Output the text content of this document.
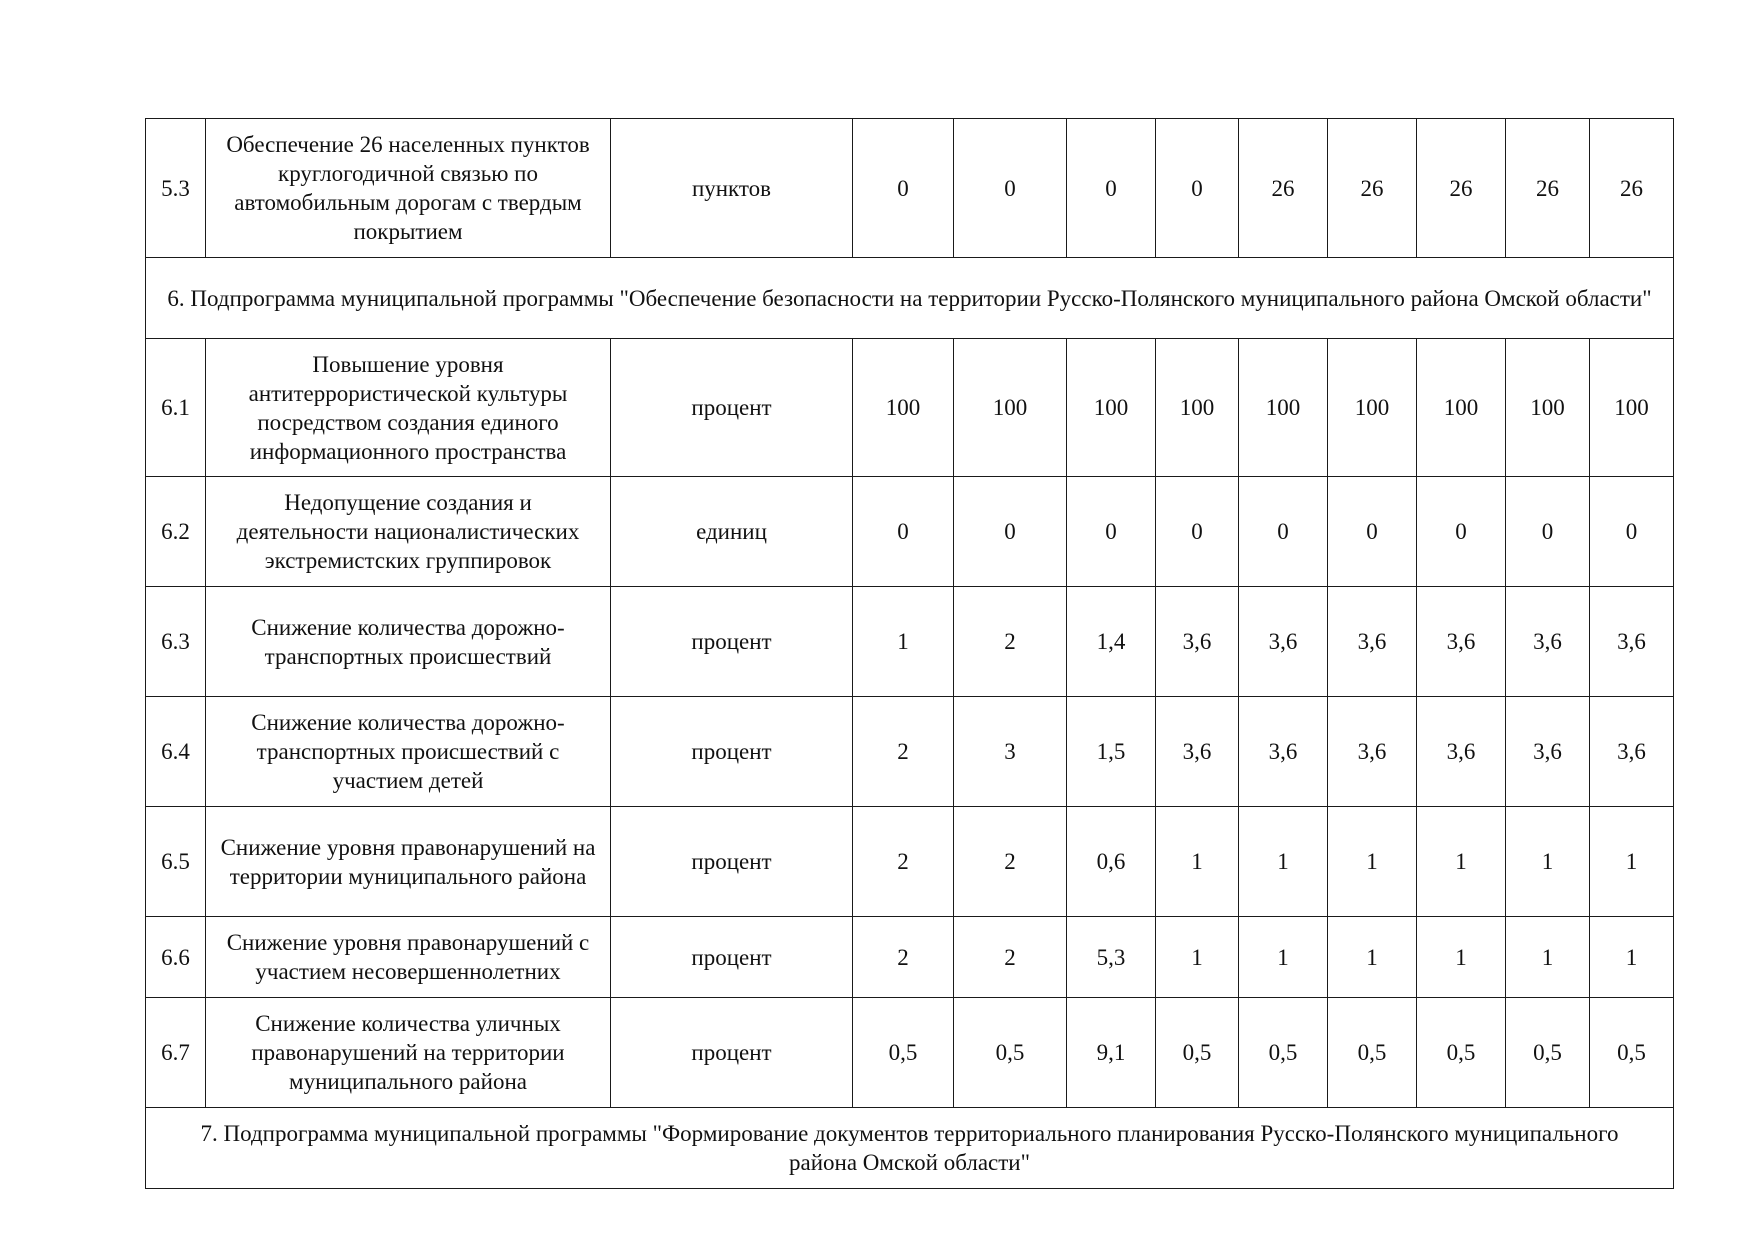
5.3	Обеспечение 26 населенных пунктов круглогодичной связью по автомобильным дорогам с твердым покрытием	пунктов	0	0	0	0	26	26	26	26	26
6. Подпрограмма муниципальной программы "Обеспечение безопасности на территории Русско-Полянского муниципального района Омской области"											
6.1	Повышение уровня антитеррористической культуры посредством создания единого информационного пространства	процент	100	100	100	100	100	100	100	100	100
6.2	Недопущение создания и деятельности националистических экстремистских группировок	единиц	0	0	0	0	0	0	0	0	0
6.3	Снижение количества дорожно-транспортных происшествий	процент	1	2	1,4	3,6	3,6	3,6	3,6	3,6	3,6
6.4	Снижение количества дорожно-транспортных происшествий с участием детей	процент	2	3	1,5	3,6	3,6	3,6	3,6	3,6	3,6
6.5	Снижение уровня правонарушений на территории муниципального района	процент	2	2	0,6	1	1	1	1	1	1
6.6	Снижение уровня правонарушений с участием несовершеннолетних	процент	2	2	5,3	1	1	1	1	1	1
6.7	Снижение количества уличных правонарушений на территории муниципального района	процент	0,5	0,5	9,1	0,5	0,5	0,5	0,5	0,5	0,5
7. Подпрограмма муниципальной программы "Формирование документов территориального планирования Русско-Полянского муниципального района Омской области"											
